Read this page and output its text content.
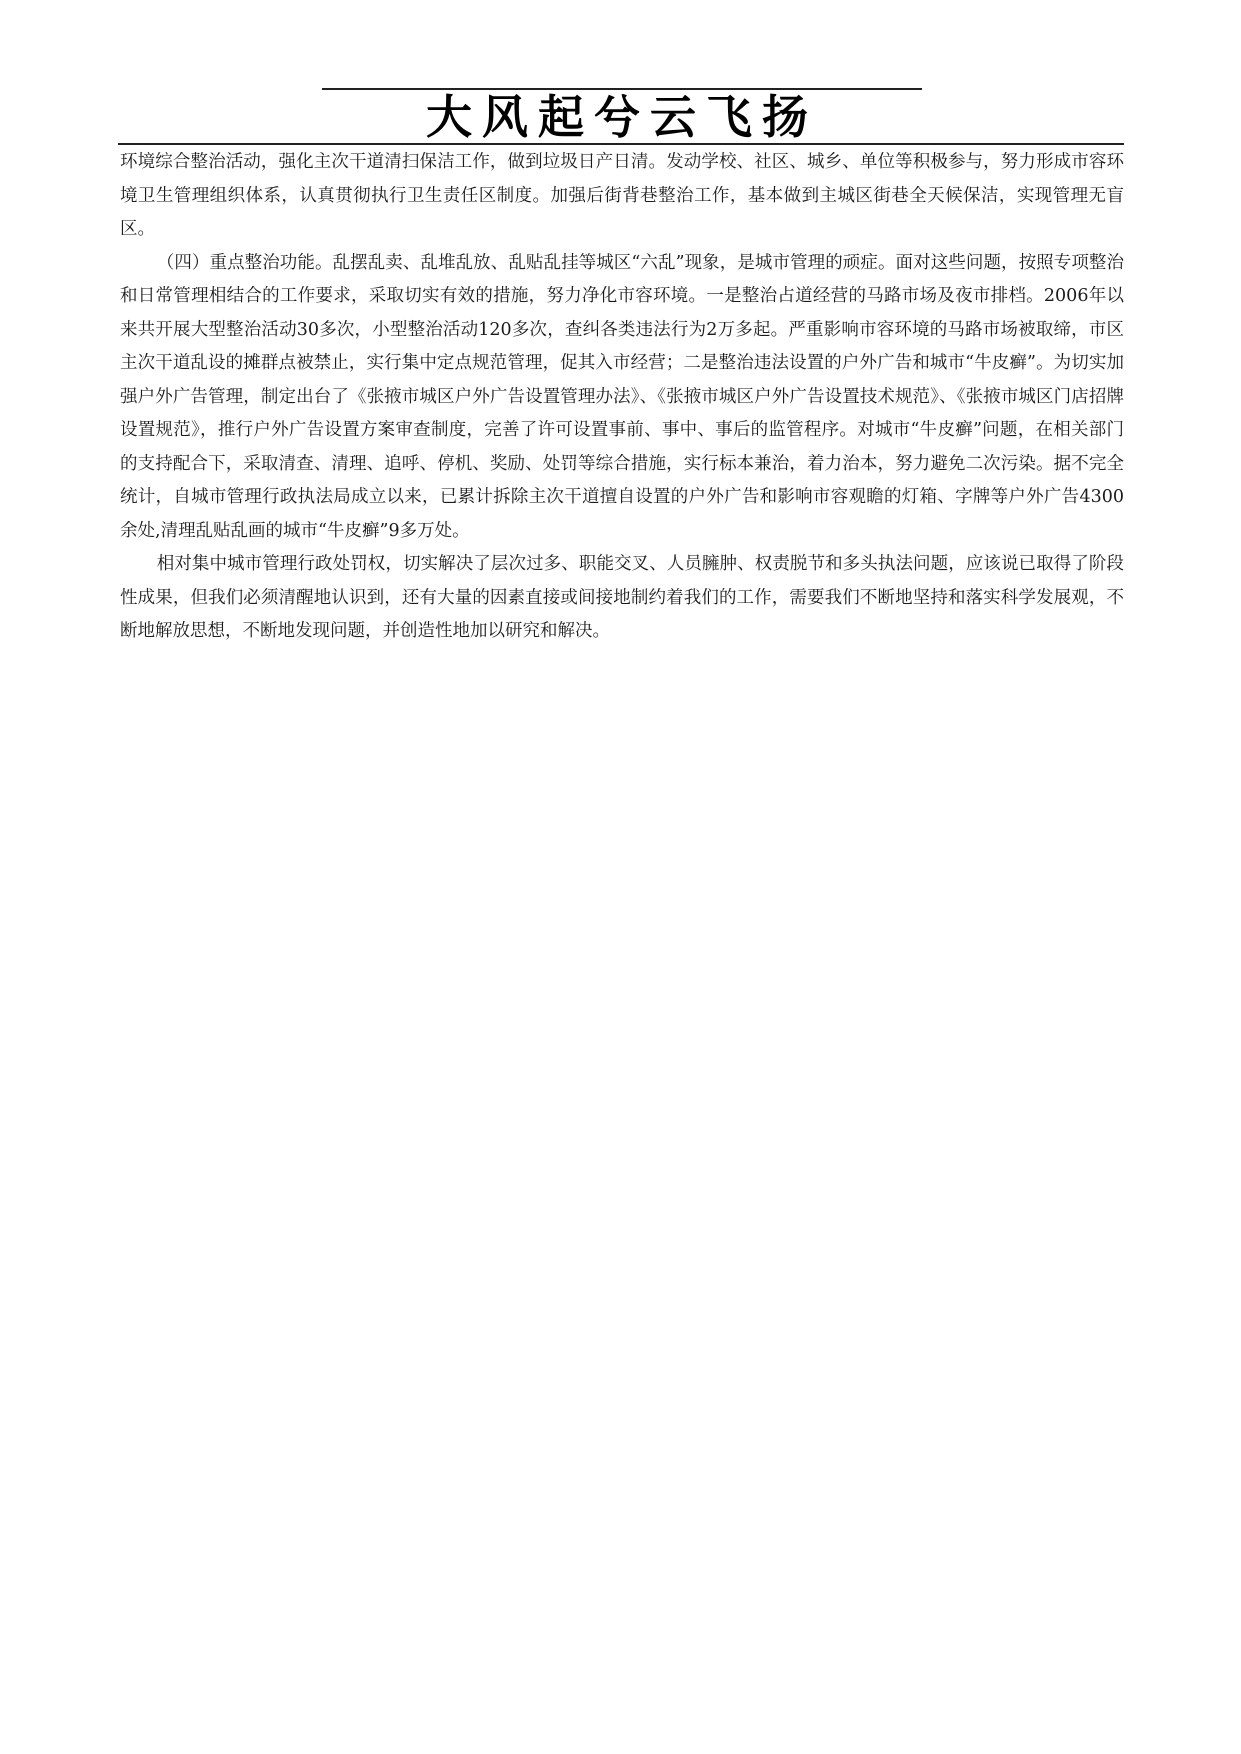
大风起兮云飞扬

环境综合整治活动，强化主次干道清扫保洁工作，做到垃圾日产日清。发动学校、社区、城乡、单位等积极参与，努力形成市容环境卫生管理组织体系，认真贯彻执行卫生责任区制度。加强后街背巷整治工作，基本做到主城区街巷全天候保洁，实现管理无盲区。

（四）重点整治功能。乱摆乱卖、乱堆乱放、乱贴乱挂等城区“六乱”现象，是城市管理的顽症。面对这些问题，按照专项整治和日常管理相结合的工作要求，采取切实有效的措施，努力净化市容环境。一是整治占道经营的马路市场及夜市排档。2006年以来共开展大型整治活动30多次，小型整治活动120多次，查纠各类违法行为2万多起。严重影响市容环境的马路市场被取缔，市区主次干道乱设的摊群点被禁止，实行集中定点规范管理，促其入市经营；二是整治违法设置的户外广告和城市“牛皮癣”。为切实加强户外广告管理，制定出台了《张掖市城区户外广告设置管理办法》、《张掖市城区户外广告设置技术规范》、《张掖市城区门店招牌设置规范》，推行户外广告设置方案审查制度，完善了许可设置事前、事中、事后的监管程序。对城市“牛皮癣”问题，在相关部门的支持配合下，采取清查、清理、追呼、停机、奖励、处罚等综合措施，实行标本兼治，着力治本，努力避免二次污染。据不完全统计，自城市管理行政执法局成立以来，已累计拆除主次干道擅自设置的户外广告和影响市容观瞻的灯箱、字牌等户外广告4300余处,清理乱贴乱画的城市“牛皮癣”9多万处。

相对集中城市管理行政处罚权，切实解决了层次过多、职能交叉、人员臃肿、权责脱节和多头执法问题，应该说已取得了阶段性成果，但我们必须清醒地认识到，还有大量的因素直接或间接地制约着我们的工作，需要我们不断地坚持和落实科学发展观，不断地解放思想，不断地发现问题，并创造性地加以研究和解决。
